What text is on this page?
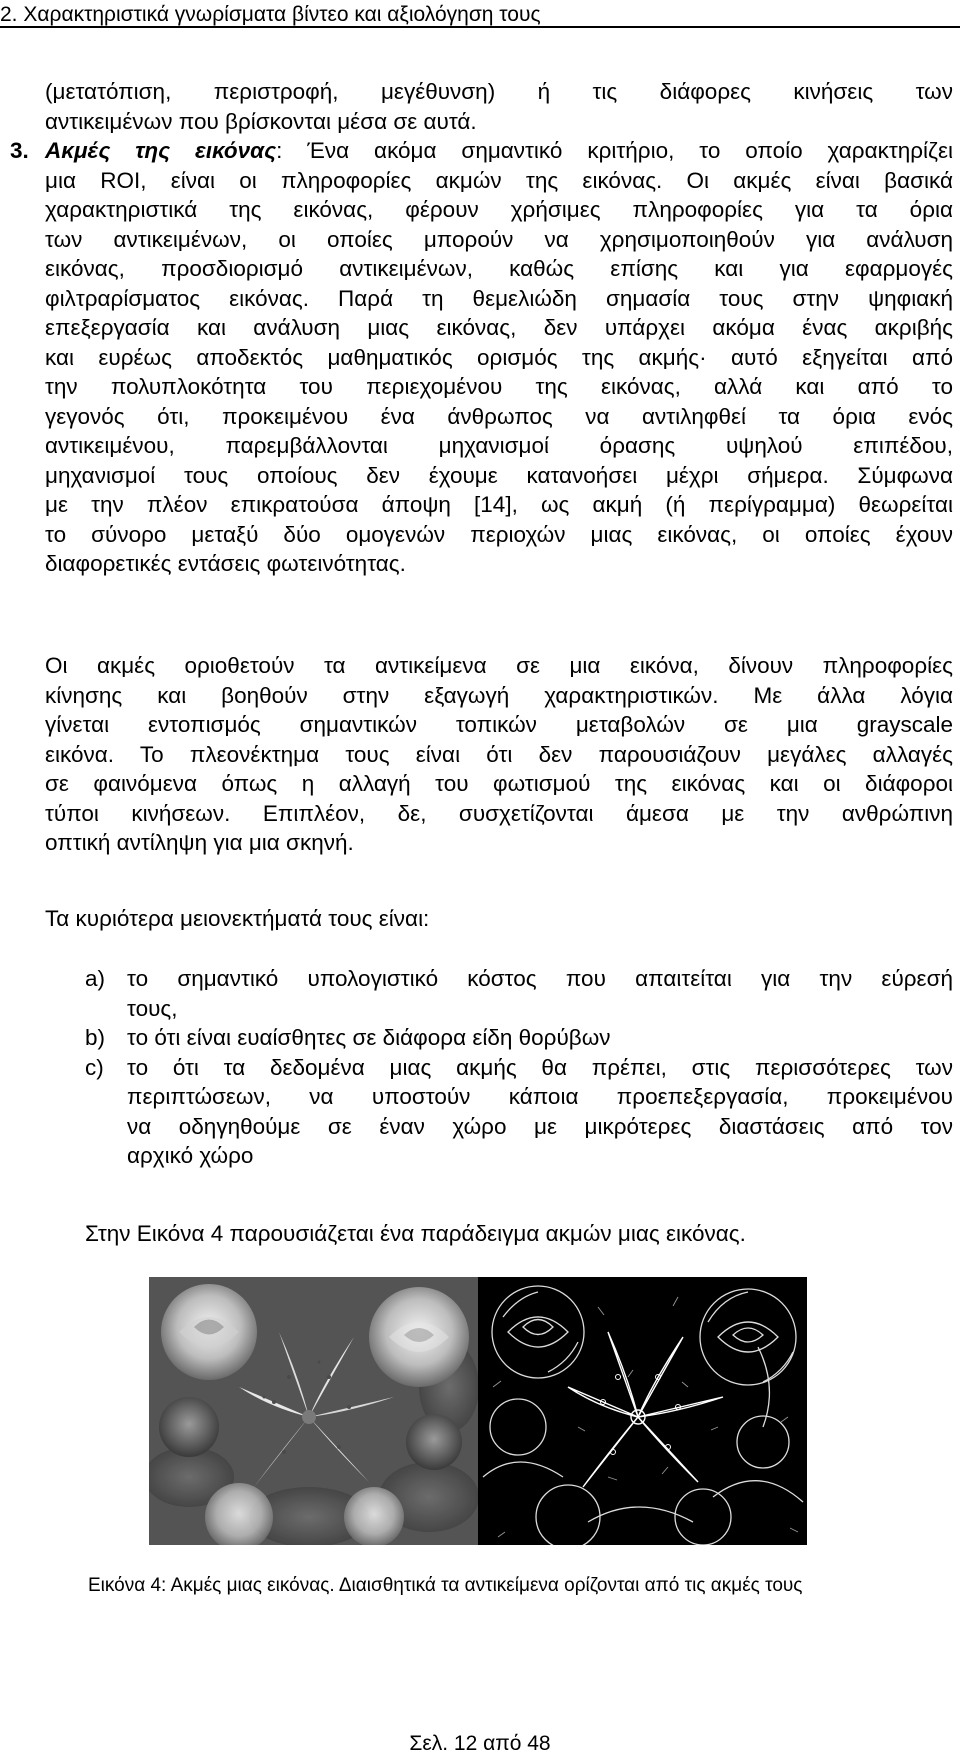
2. Χαρακτηριστικά γνωρίσματα βίντεο και αξιολόγηση τους
(μετατόπιση, περιστροφή, μεγέθυνση) ή τις διάφορες κινήσεις των
αντικειμένων που βρίσκονται μέσα σε αυτά.
3. Ακμές της εικόνας: Ένα ακόμα σημαντικό κριτήριο, το οποίο χαρακτηρίζει
μια ROI, είναι οι πληροφορίες ακμών της εικόνας. Οι ακμές είναι βασικά
χαρακτηριστικά της εικόνας, φέρουν χρήσιμες πληροφορίες για τα όρια
των αντικειμένων, οι οποίες μπορούν να χρησιμοποιηθούν για ανάλυση
εικόνας, προσδιορισμό αντικειμένων, καθώς επίσης και για εφαρμογές
φιλτραρίσματος εικόνας. Παρά τη θεμελιώδη σημασία τους στην ψηφιακή
επεξεργασία και ανάλυση μιας εικόνας, δεν υπάρχει ακόμα ένας ακριβής
και ευρέως αποδεκτός μαθηματικός ορισμός της ακμής· αυτό εξηγείται από
την πολυπλοκότητα του περιεχομένου της εικόνας, αλλά και από το
γεγονός ότι, προκειμένου ένα άνθρωπος να αντιληφθεί τα όρια ενός
αντικειμένου, παρεμβάλλονται μηχανισμοί όρασης υψηλού επιπέδου,
μηχανισμοί τους οποίους δεν έχουμε κατανοήσει μέχρι σήμερα. Σύμφωνα
με την πλέον επικρατούσα άποψη [14], ως ακμή (ή περίγραμμα) θεωρείται
το σύνορο μεταξύ δύο ομογενών περιοχών μιας εικόνας, οι οποίες έχουν
διαφορετικές εντάσεις φωτεινότητας.
Οι ακμές οριοθετούν τα αντικείμενα σε μια εικόνα, δίνουν πληροφορίες
κίνησης και βοηθούν στην εξαγωγή χαρακτηριστικών. Με άλλα λόγια
γίνεται εντοπισμός σημαντικών τοπικών μεταβολών σε μια grayscale
εικόνα. Το πλεονέκτημα τους είναι ότι δεν παρουσιάζουν μεγάλες αλλαγές
σε φαινόμενα όπως η αλλαγή του φωτισμού της εικόνας και οι διάφοροι
τύποι κινήσεων. Επιπλέον, δε, συσχετίζονται άμεσα με την ανθρώπινη
οπτική αντίληψη για μια σκηνή.
Τα κυριότερα μειονεκτήματά τους είναι:
a) το σημαντικό υπολογιστικό κόστος που απαιτείται για την εύρεσή
τους,
b) το ότι είναι ευαίσθητες σε διάφορα είδη θορύβων
c) το ότι τα δεδομένα μιας ακμής θα πρέπει, στις περισσότερες των
περιπτώσεων, να υποστούν κάποια προεπεξεργασία, προκειμένου
να οδηγηθούμε σε έναν χώρο με μικρότερες διαστάσεις από τον
αρχικό χώρο
Στην Εικόνα 4 παρουσιάζεται ένα παράδειγμα ακμών μιας εικόνας.
Εικόνα 4: Ακμές μιας εικόνας. Διαισθητικά τα αντικείμενα ορίζονται από τις ακμές τους
Σελ. 12 από 48
